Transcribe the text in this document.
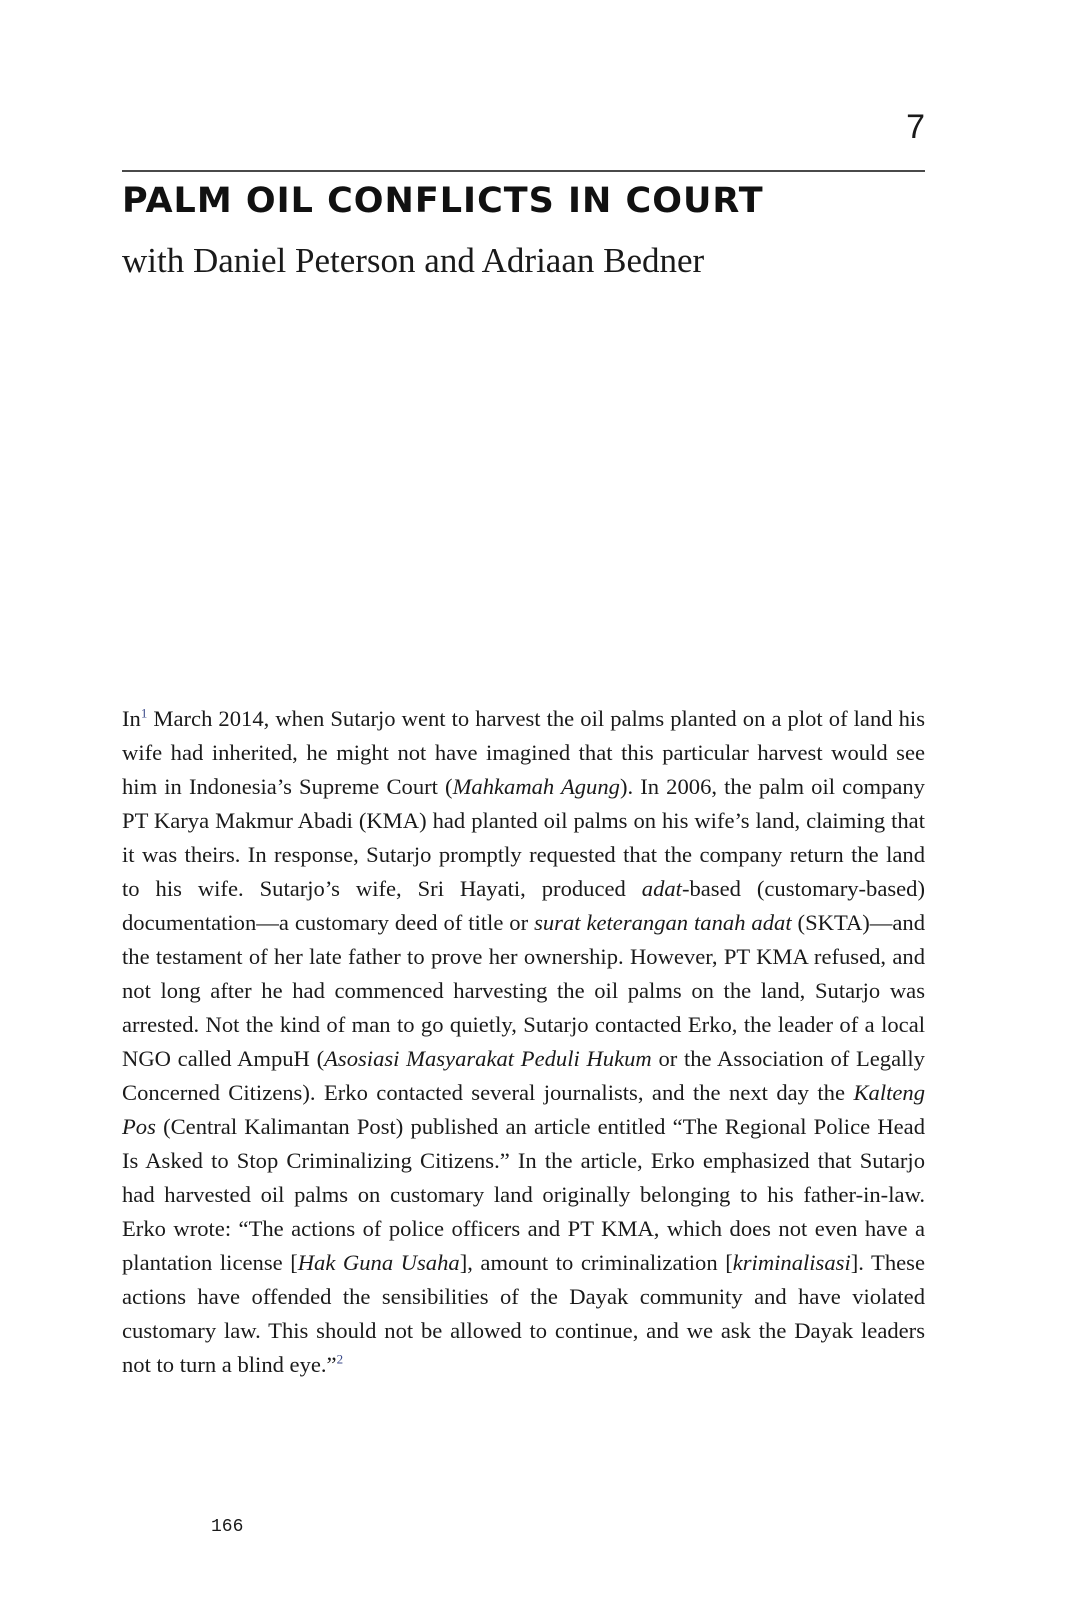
7
PALM OIL CONFLICTS IN COURT
with Daniel Peterson and Adriaan Bedner

In$^1$ March 2014, when Sutarjo went to harvest the oil palms planted on a plot of land his wife had inherited, he might not have imagined that this particular harvest would see him in Indonesia’s Supreme Court (Mahkamah Agung). In 2006, the palm oil company PT Karya Makmur Abadi (KMA) had planted oil palms on his wife’s land, claiming that it was theirs. In response, Sutarjo promptly requested that the company return the land to his wife. Sutarjo’s wife, Sri Hayati, produced adat-based (customary-based) documentation—a customary deed of title or surat keterangan tanah adat (SKTA)—and the testament of her late father to prove her ownership. However, PT KMA refused, and not long after he had commenced harvesting the oil palms on the land, Sutarjo was arrested. Not the kind of man to go quietly, Sutarjo contacted Erko, the leader of a local NGO called AmpuH (Asosiasi Masyarakat Peduli Hukum or the Association of Legally Concerned Citizens). Erko contacted several journalists, and the next day the Kalteng Pos (Central Kalimantan Post) published an article entitled “The Regional Police Head Is Asked to Stop Criminalizing Citizens.” In the article, Erko emphasized that Sutarjo had harvested oil palms on customary land originally belonging to his father-in-law. Erko wrote: “The actions of police officers and PT KMA, which does not even have a plantation license [Hak Guna Usaha], amount to criminalization [kriminalisasi]. These actions have offended the sensibilities of the Dayak community and have violated customary law. This should not be allowed to continue, and we ask the Dayak leaders not to turn a blind eye.”$^2$

166
